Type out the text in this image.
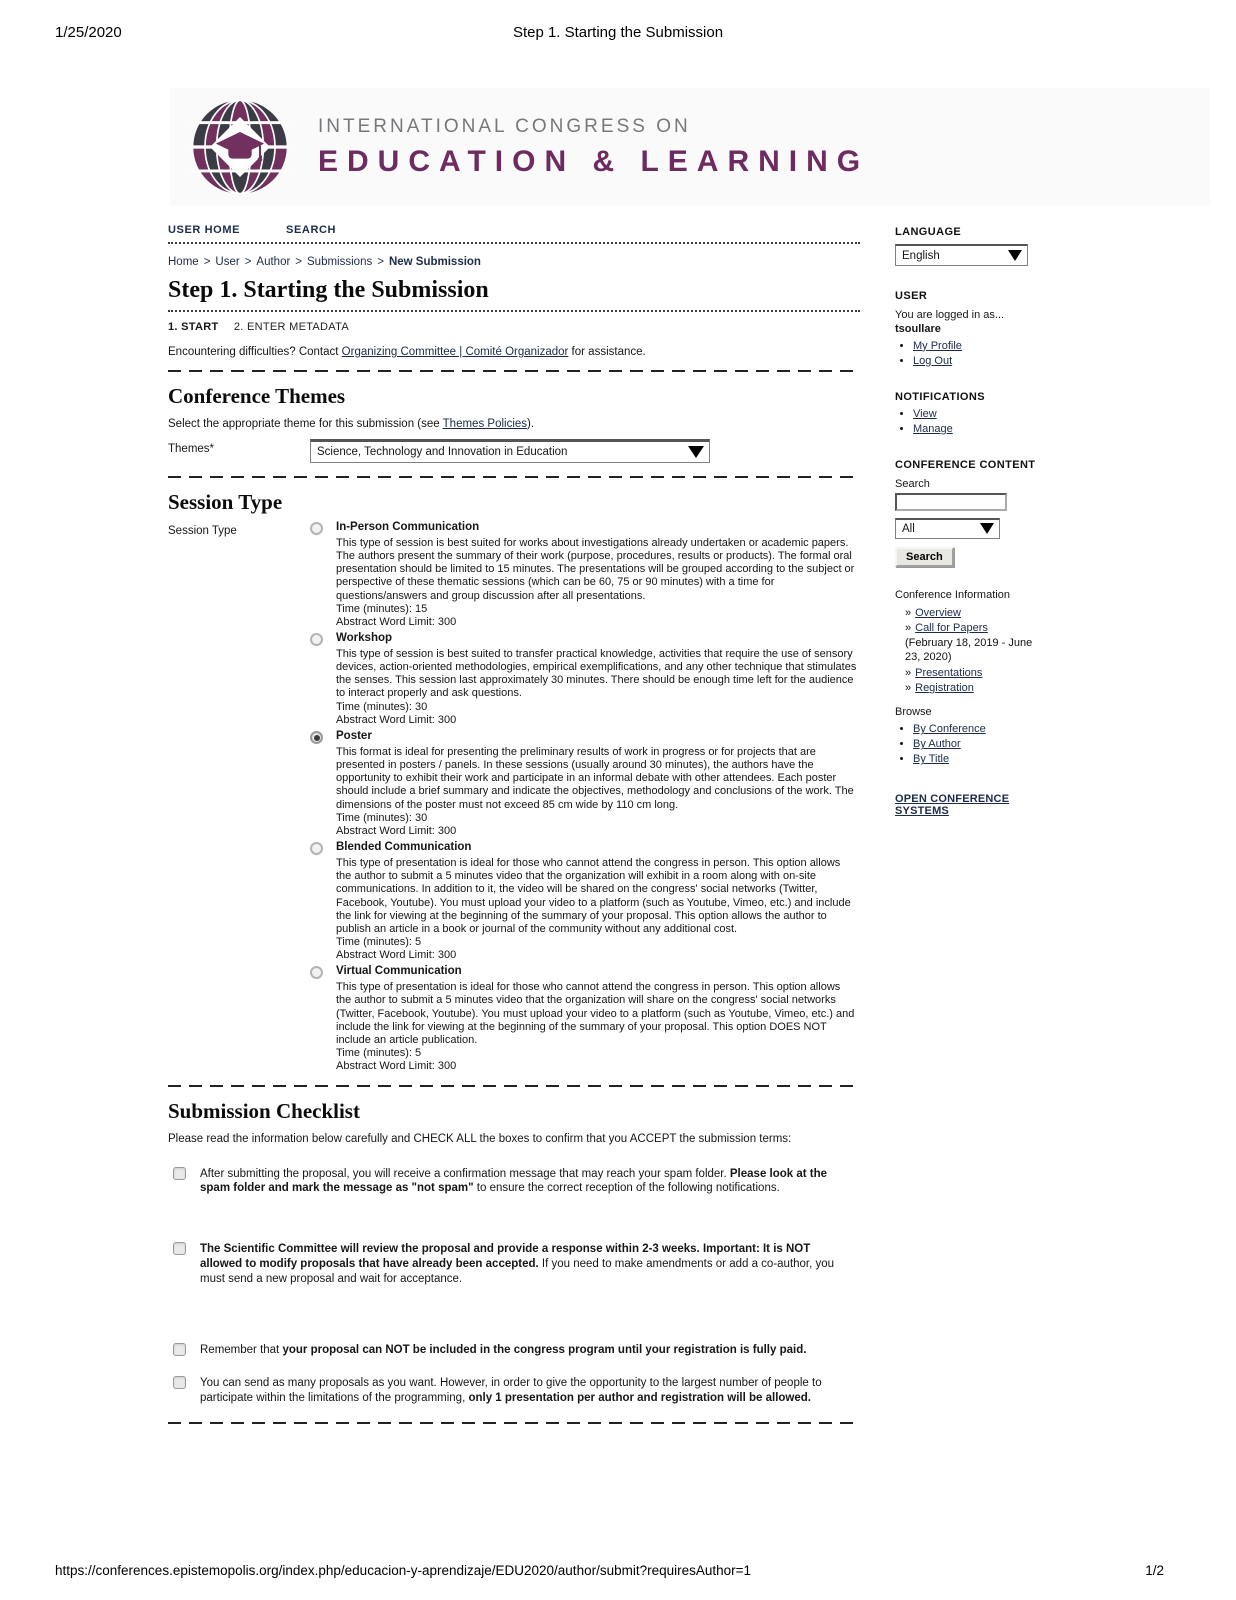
1/25/2020	Step 1. Starting the Submission
INTERNATIONAL CONGRESS ON
EDUCATION & LEARNING
USER HOME	SEARCH
Home > User > Author > Submissions > New Submission
Step 1. Starting the Submission
1. START 2. ENTER METADATA
Encountering difficulties? Contact Organizing Committee | Comité Organizador for assistance.
Conference Themes
Select the appropriate theme for this submission (see Themes Policies).
Themes*	Science, Technology and Innovation in Education
Session Type
Session Type	In-Person Communication
This type of session is best suited for works about investigations already undertaken or academic papers. The authors present the summary of their work (purpose, procedures, results or products). The formal oral presentation should be limited to 15 minutes. The presentations will be grouped according to the subject or perspective of these thematic sessions (which can be 60, 75 or 90 minutes) with a time for questions/answers and group discussion after all presentations.
Time (minutes): 15
Abstract Word Limit: 300
Workshop
This type of session is best suited to transfer practical knowledge, activities that require the use of sensory devices, action-oriented methodologies, empirical exemplifications, and any other technique that stimulates the senses. This session last approximately 30 minutes. There should be enough time left for the audience to interact properly and ask questions.
Time (minutes): 30
Abstract Word Limit: 300
Poster
This format is ideal for presenting the preliminary results of work in progress or for projects that are presented in posters / panels. In these sessions (usually around 30 minutes), the authors have the opportunity to exhibit their work and participate in an informal debate with other attendees. Each poster should include a brief summary and indicate the objectives, methodology and conclusions of the work. The dimensions of the poster must not exceed 85 cm wide by 110 cm long.
Time (minutes): 30
Abstract Word Limit: 300
Blended Communication
This type of presentation is ideal for those who cannot attend the congress in person. This option allows the author to submit a 5 minutes video that the organization will exhibit in a room along with on-site communications. In addition to it, the video will be shared on the congress' social networks (Twitter, Facebook, Youtube). You must upload your video to a platform (such as Youtube, Vimeo, etc.) and include the link for viewing at the beginning of the summary of your proposal. This option allows the author to publish an article in a book or journal of the community without any additional cost.
Time (minutes): 5
Abstract Word Limit: 300
Virtual Communication
This type of presentation is ideal for those who cannot attend the congress in person. This option allows the author to submit a 5 minutes video that the organization will share on the congress' social networks (Twitter, Facebook, Youtube). You must upload your video to a platform (such as Youtube, Vimeo, etc.) and include the link for viewing at the beginning of the summary of your proposal. This option DOES NOT include an article publication.
Time (minutes): 5
Abstract Word Limit: 300
Submission Checklist
Please read the information below carefully and CHECK ALL the boxes to confirm that you ACCEPT the submission terms:
After submitting the proposal, you will receive a confirmation message that may reach your spam folder. Please look at the spam folder and mark the message as "not spam" to ensure the correct reception of the following notifications.
The Scientific Committee will review the proposal and provide a response within 2-3 weeks. Important: It is NOT allowed to modify proposals that have already been accepted. If you need to make amendments or add a co-author, you must send a new proposal and wait for acceptance.
Remember that your proposal can NOT be included in the congress program until your registration is fully paid.
You can send as many proposals as you want. However, in order to give the opportunity to the largest number of people to participate within the limitations of the programming, only 1 presentation per author and registration will be allowed.
LANGUAGE
English
USER
You are logged in as...
tsoullare
• My Profile
• Log Out
NOTIFICATIONS
• View
• Manage
CONFERENCE CONTENT
Search
All
Search
Conference Information
» Overview
» Call for Papers
(February 18, 2019 - June 23, 2020)
» Presentations
» Registration
Browse
• By Conference
• By Author
• By Title
OPEN CONFERENCE SYSTEMS
https://conferences.epistemopolis.org/index.php/educacion-y-aprendizaje/EDU2020/author/submit?requiresAuthor=1	1/2
